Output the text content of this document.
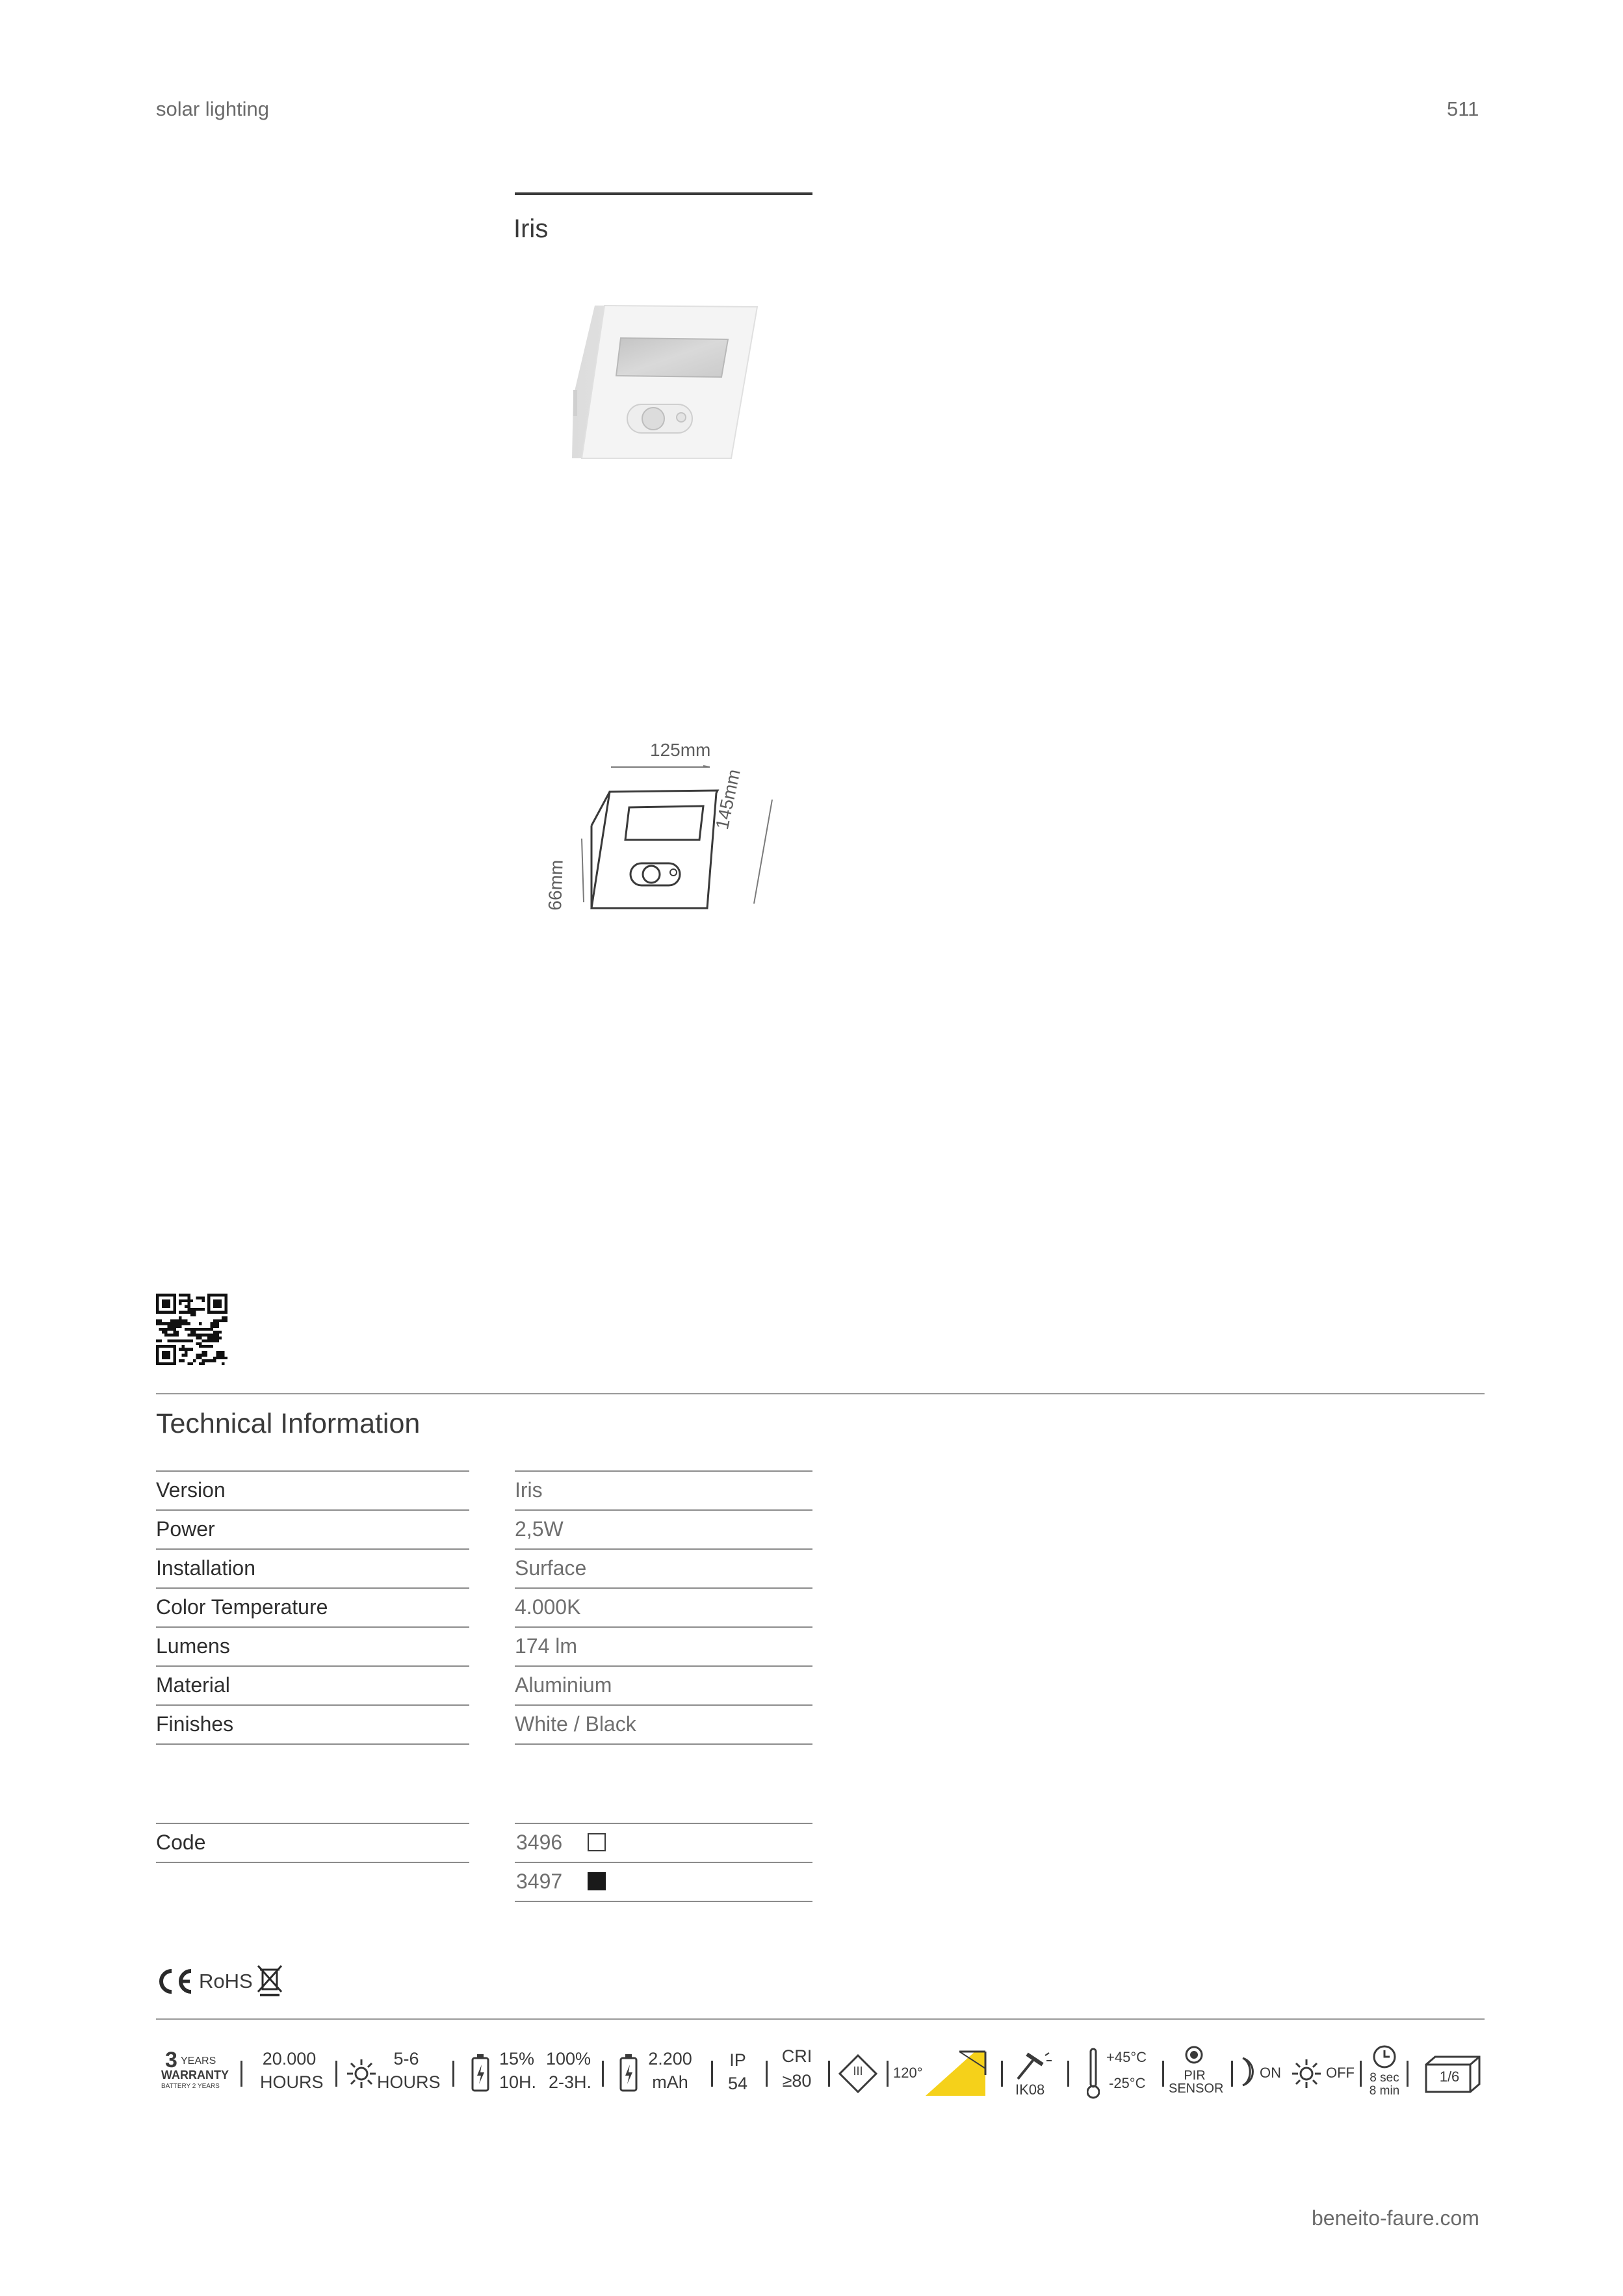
solar lighting	511
Iris
125mm
145mm
66mm
Technical Information
Version	Iris
Power	2,5W
Installation	Surface
Color Temperature	4.000K
Lumens	174 lm
Material	Aluminium
Finishes	White / Black
Code	3496
3497
RoHS
3 YEARS
WARRANTY
BATTERY 2 YEARS
20.000
HOURS
5-6
HOURS
15% 100%
10H. 2-3H.
2.200
mAh
IP
54
CRI
≥80	III	120°
IK08
+45°C
-25°C	PIR
SENSOR
ON	OFF	8 sec
8 min
1/6
beneito-faure.com
